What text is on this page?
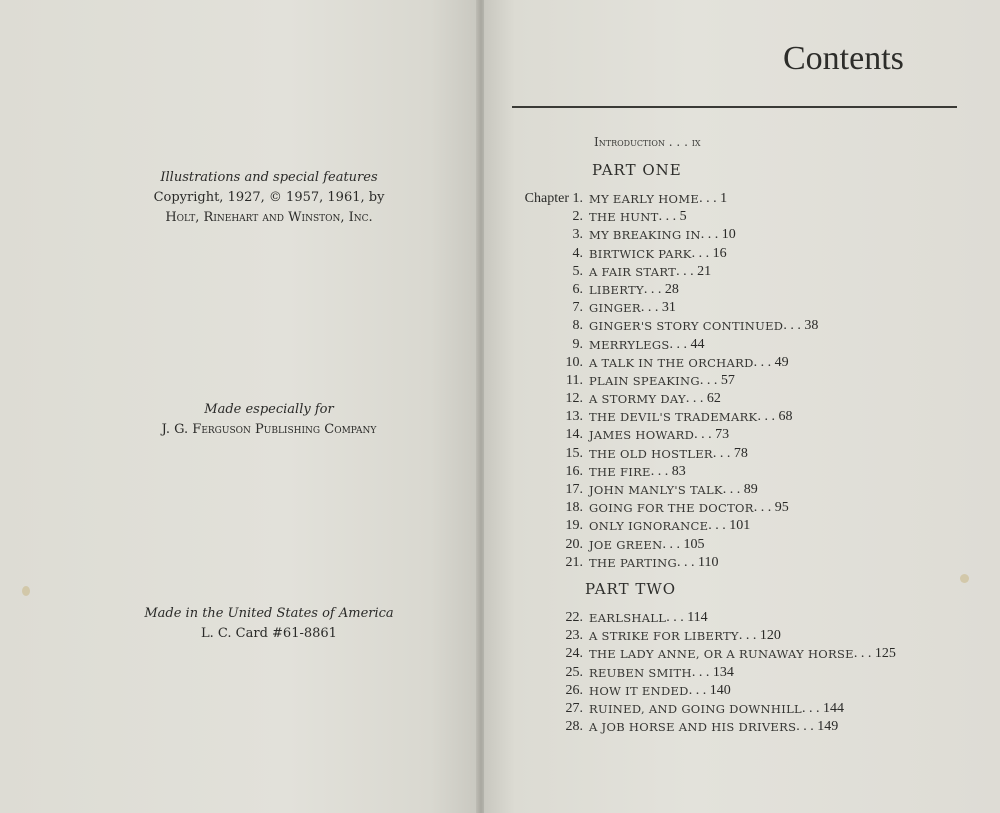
Illustrations and special features
Copyright, 1927, © 1957, 1961, by
Holt, Rinehart and Winston, Inc.
Made especially for
J. G. Ferguson Publishing Company
Made in the United States of America
L. C. Card #61-8861
Contents
Introduction . . . ix
PART ONE
Chapter 1. MY EARLY HOME . . . 1
2. THE HUNT . . . 5
3. MY BREAKING IN . . . 10
4. BIRTWICK PARK . . . 16
5. A FAIR START . . . 21
6. LIBERTY . . . 28
7. GINGER . . . 31
8. GINGER'S STORY CONTINUED . . . 38
9. MERRYLEGS . . . 44
10. A TALK IN THE ORCHARD . . . 49
11. PLAIN SPEAKING . . . 57
12. A STORMY DAY . . . 62
13. THE DEVIL'S TRADEMARK . . . 68
14. JAMES HOWARD . . . 73
15. THE OLD HOSTLER . . . 78
16. THE FIRE . . . 83
17. JOHN MANLY'S TALK . . . 89
18. GOING FOR THE DOCTOR . . . 95
19. ONLY IGNORANCE . . . 101
20. JOE GREEN . . . 105
21. THE PARTING . . . 110
PART TWO
22. EARLSHALL . . . 114
23. A STRIKE FOR LIBERTY . . . 120
24. THE LADY ANNE, OR A RUNAWAY HORSE . . . 125
25. REUBEN SMITH . . . 134
26. HOW IT ENDED . . . 140
27. RUINED, AND GOING DOWNHILL . . . 144
28. A JOB HORSE AND HIS DRIVERS . . . 149
